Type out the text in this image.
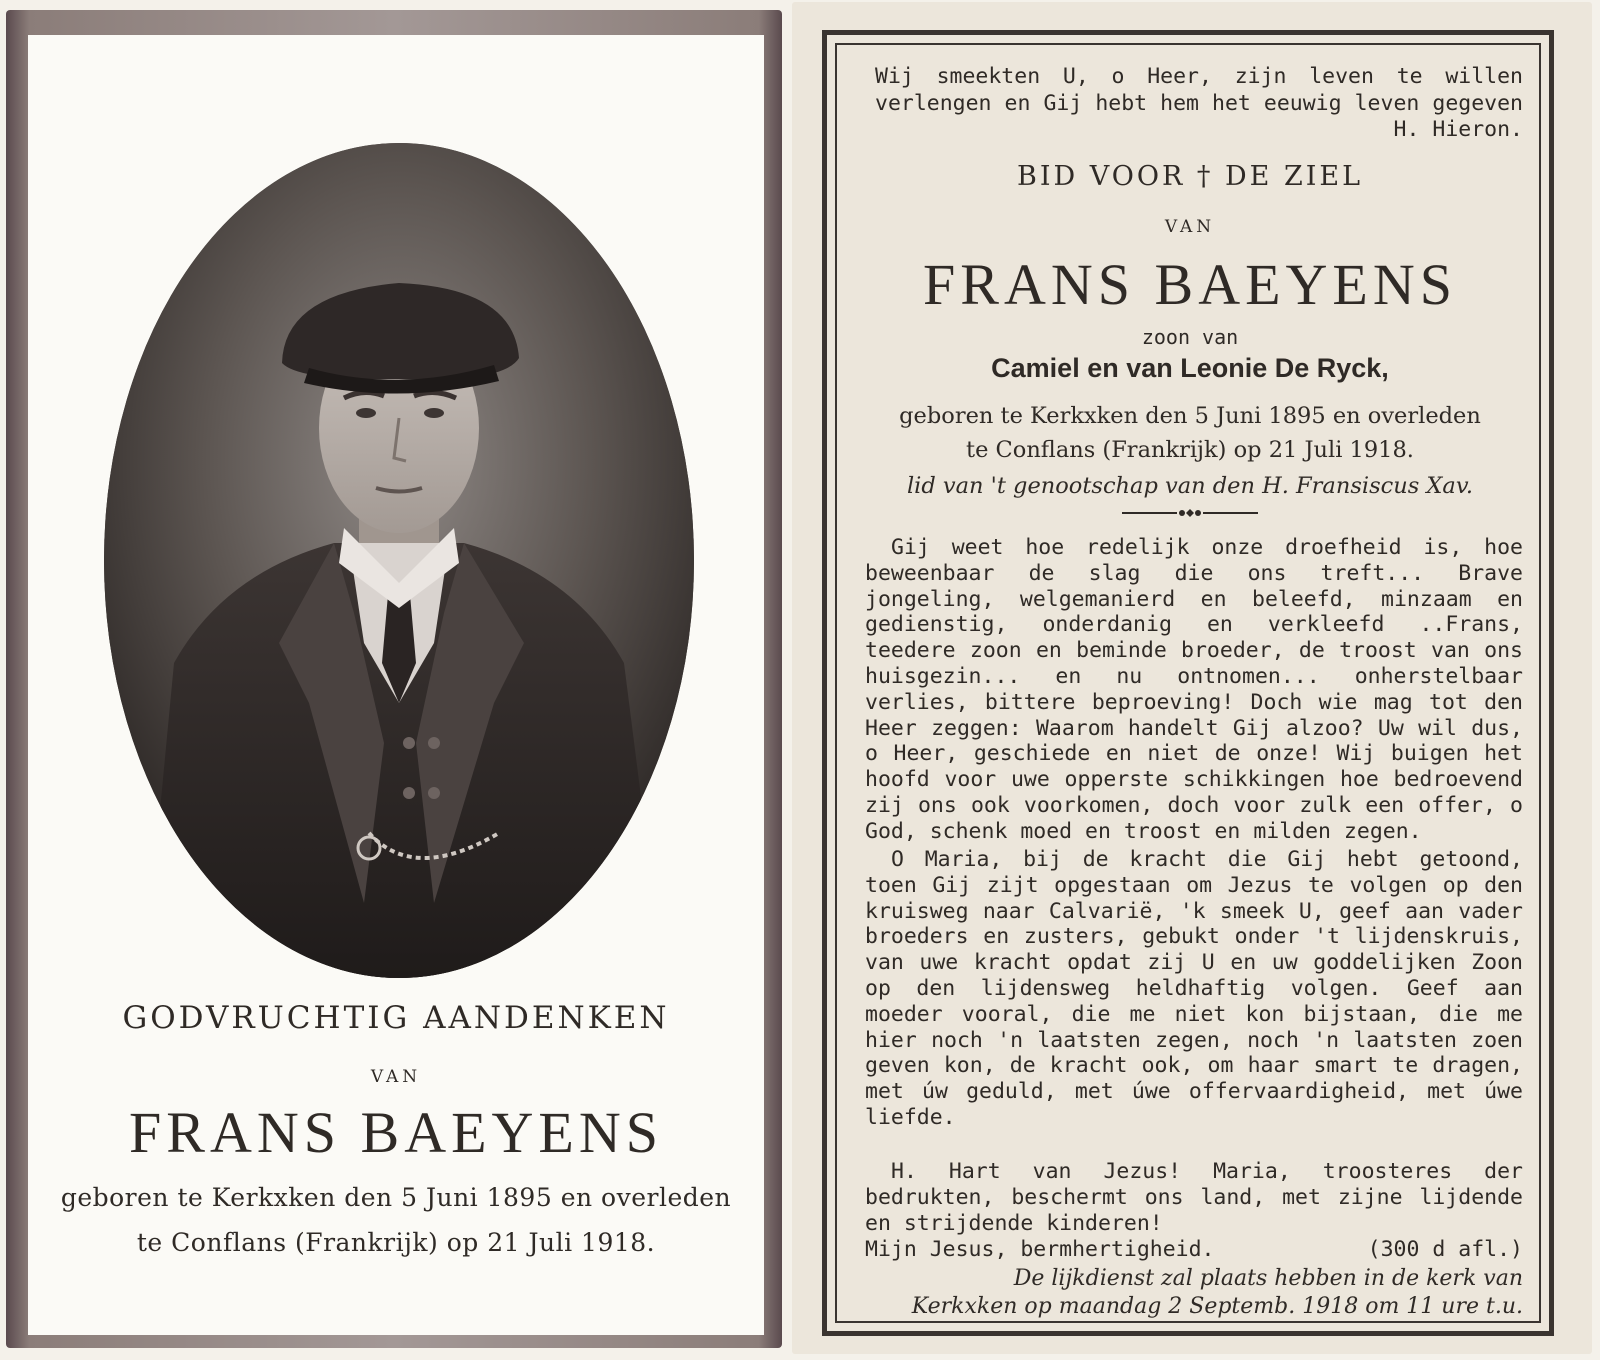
GODVRUCHTIG AANDENKEN
VAN
FRANS BAEYENS
geboren te Kerkxken den 5 Juni 1895 en overleden
te Conflans (Frankrijk) op 21 Juli 1918.
Wij smeekten U, o Heer, zijn leven te willen verlengen en Gij hebt hem het eeuwig leven gegeven
H. Hieron.
BID VOOR † DE ZIEL
VAN
FRANS BAEYENS
zoon van
Camiel en van Leonie De Ryck,
geboren te Kerkxken den 5 Juni 1895 en overleden
te Conflans (Frankrijk) op 21 Juli 1918.
lid van 't genootschap van den H. Fransiscus Xav.
Gij weet hoe redelijk onze droefheid is, hoe beweenbaar de slag die ons treft... Brave jongeling, welgemanierd en beleefd, minzaam en gedienstig, onderdanig en verkleefd ..Frans, teedere zoon en beminde broeder, de troost van ons huisgezin... en nu ontnomen... onherstelbaar verlies, bittere beproeving! Doch wie mag tot den Heer zeggen: Waarom handelt Gij alzoo? Uw wil dus, o Heer, geschiede en niet de onze! Wij buigen het hoofd voor uwe opperste schikkingen hoe bedroevend zij ons ook voorkomen, doch voor zulk een offer, o God, schenk moed en troost en milden zegen.
O Maria, bij de kracht die Gij hebt getoond, toen Gij zijt opgestaan om Jezus te volgen op den kruisweg naar Calvarië, 'k smeek U, geef aan vader broeders en zusters, gebukt onder 't lijdenskruis, van uwe kracht opdat zij U en uw goddelijken Zoon op den lijdensweg heldhaftig volgen. Geef aan moeder vooral, die me niet kon bijstaan, die me hier noch 'n laatsten zegen, noch 'n laatsten zoen geven kon, de kracht ook, om haar smart te dragen, met úw geduld, met úwe offervaardigheid, met úwe liefde.
H. Hart van Jezus! Maria, troosteres der bedrukten, beschermt ons land, met zijne lijdende en strijdende kinderen!
Mijn Jesus, bermhertigheid.	(300 d afl.)
De lijkdienst zal plaats hebben in de kerk van
Kerkxken op maandag 2 Septemb. 1918 om 11 ure t.u.
